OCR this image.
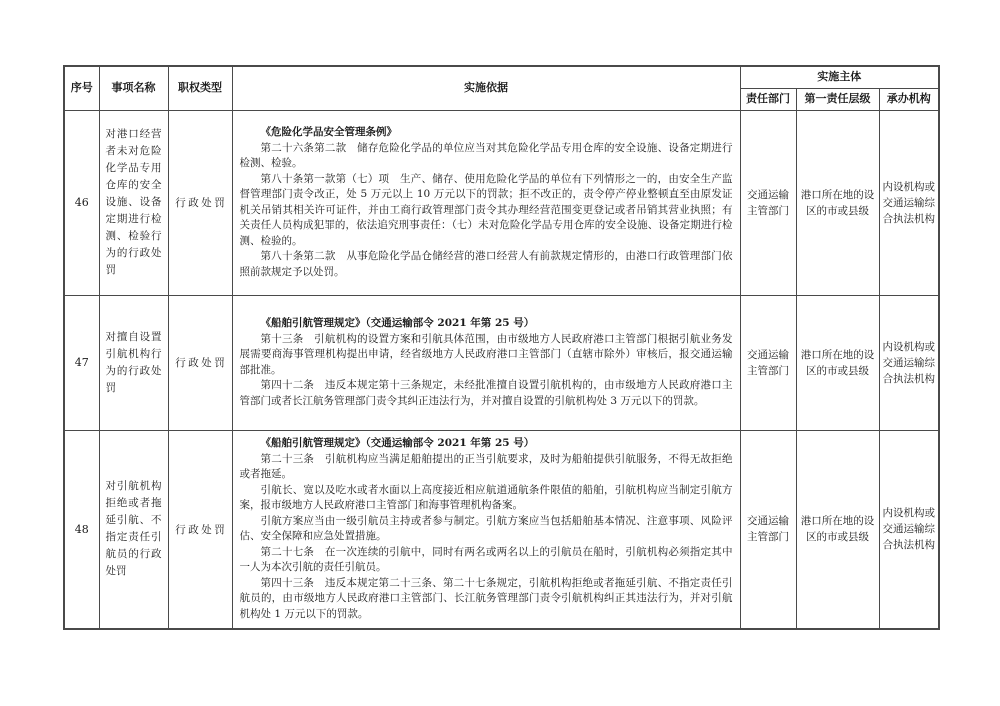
序号	事项名称	职权类型	实施依据	实施主体		
				责任部门	第一责任层级	承办机构
46	对港口经营者未对危险化学品专用仓库的安全设施、设备定期进行检测、检验行为的行政处罚	行政处罚	《危险化学品安全管理条例》

第二十六条第二款　储存危险化学品的单位应当对其危险化学品专用仓库的安全设施、设备定期进行检测、检验。

第八十条第一款第（七）项　生产、储存、使用危险化学品的单位有下列情形之一的，由安全生产监督管理部门责令改正，处 5 万元以上 10 万元以下的罚款；拒不改正的，责令停产停业整顿直至由原发证机关吊销其相关许可证件，并由工商行政管理部门责令其办理经营范围变更登记或者吊销其营业执照；有关责任人员构成犯罪的，依法追究刑事责任：（七）未对危险化学品专用仓库的安全设施、设备定期进行检测、检验的。

第八十条第二款　从事危险化学品仓储经营的港口经营人有前款规定情形的，由港口行政管理部门依照前款规定予以处罚。	交通运输主管部门	港口所在地的设区的市或县级	内设机构或交通运输综合执法机构
47	对擅自设置引航机构行为的行政处罚	行政处罚	《船舶引航管理规定》（交通运输部令 2021 年第 25 号）

第十三条　引航机构的设置方案和引航具体范围，由市级地方人民政府港口主管部门根据引航业务发展需要商海事管理机构提出申请，经省级地方人民政府港口主管部门（直辖市除外）审核后，报交通运输部批准。

第四十二条　违反本规定第十三条规定，未经批准擅自设置引航机构的，由市级地方人民政府港口主管部门或者长江航务管理部门责令其纠正违法行为，并对擅自设置的引航机构处 3 万元以下的罚款。	交通运输主管部门	港口所在地的设区的市或县级	内设机构或交通运输综合执法机构
48	对引航机构拒绝或者拖延引航、不指定责任引航员的行政处罚	行政处罚	

《船舶引航管理规定》（交通运输部令 2021 年第 25 号）

第二十三条　引航机构应当满足船舶提出的正当引航要求，及时为船舶提供引航服务，不得无故拒绝或者拖延。

引航长、宽以及吃水或者水面以上高度接近相应航道通航条件限值的船舶，引航机构应当制定引航方案，报市级地方人民政府港口主管部门和海事管理机构备案。

引航方案应当由一级引航员主持或者参与制定。引航方案应当包括船舶基本情况、注意事项、风险评估、安全保障和应急处置措施。

第二十七条　在一次连续的引航中，同时有两名或两名以上的引航员在船时，引航机构必须指定其中一人为本次引航的责任引航员。

第四十三条　违反本规定第二十三条、第二十七条规定，引航机构拒绝或者拖延引航、不指定责任引航员的，由市级地方人民政府港口主管部门、长江航务管理部门责令引航机构纠正其违法行为，并对引航机构处 1 万元以下的罚款。

	交通运输主管部门	港口所在地的设区的市或县级	内设机构或交通运输综合执法机构
